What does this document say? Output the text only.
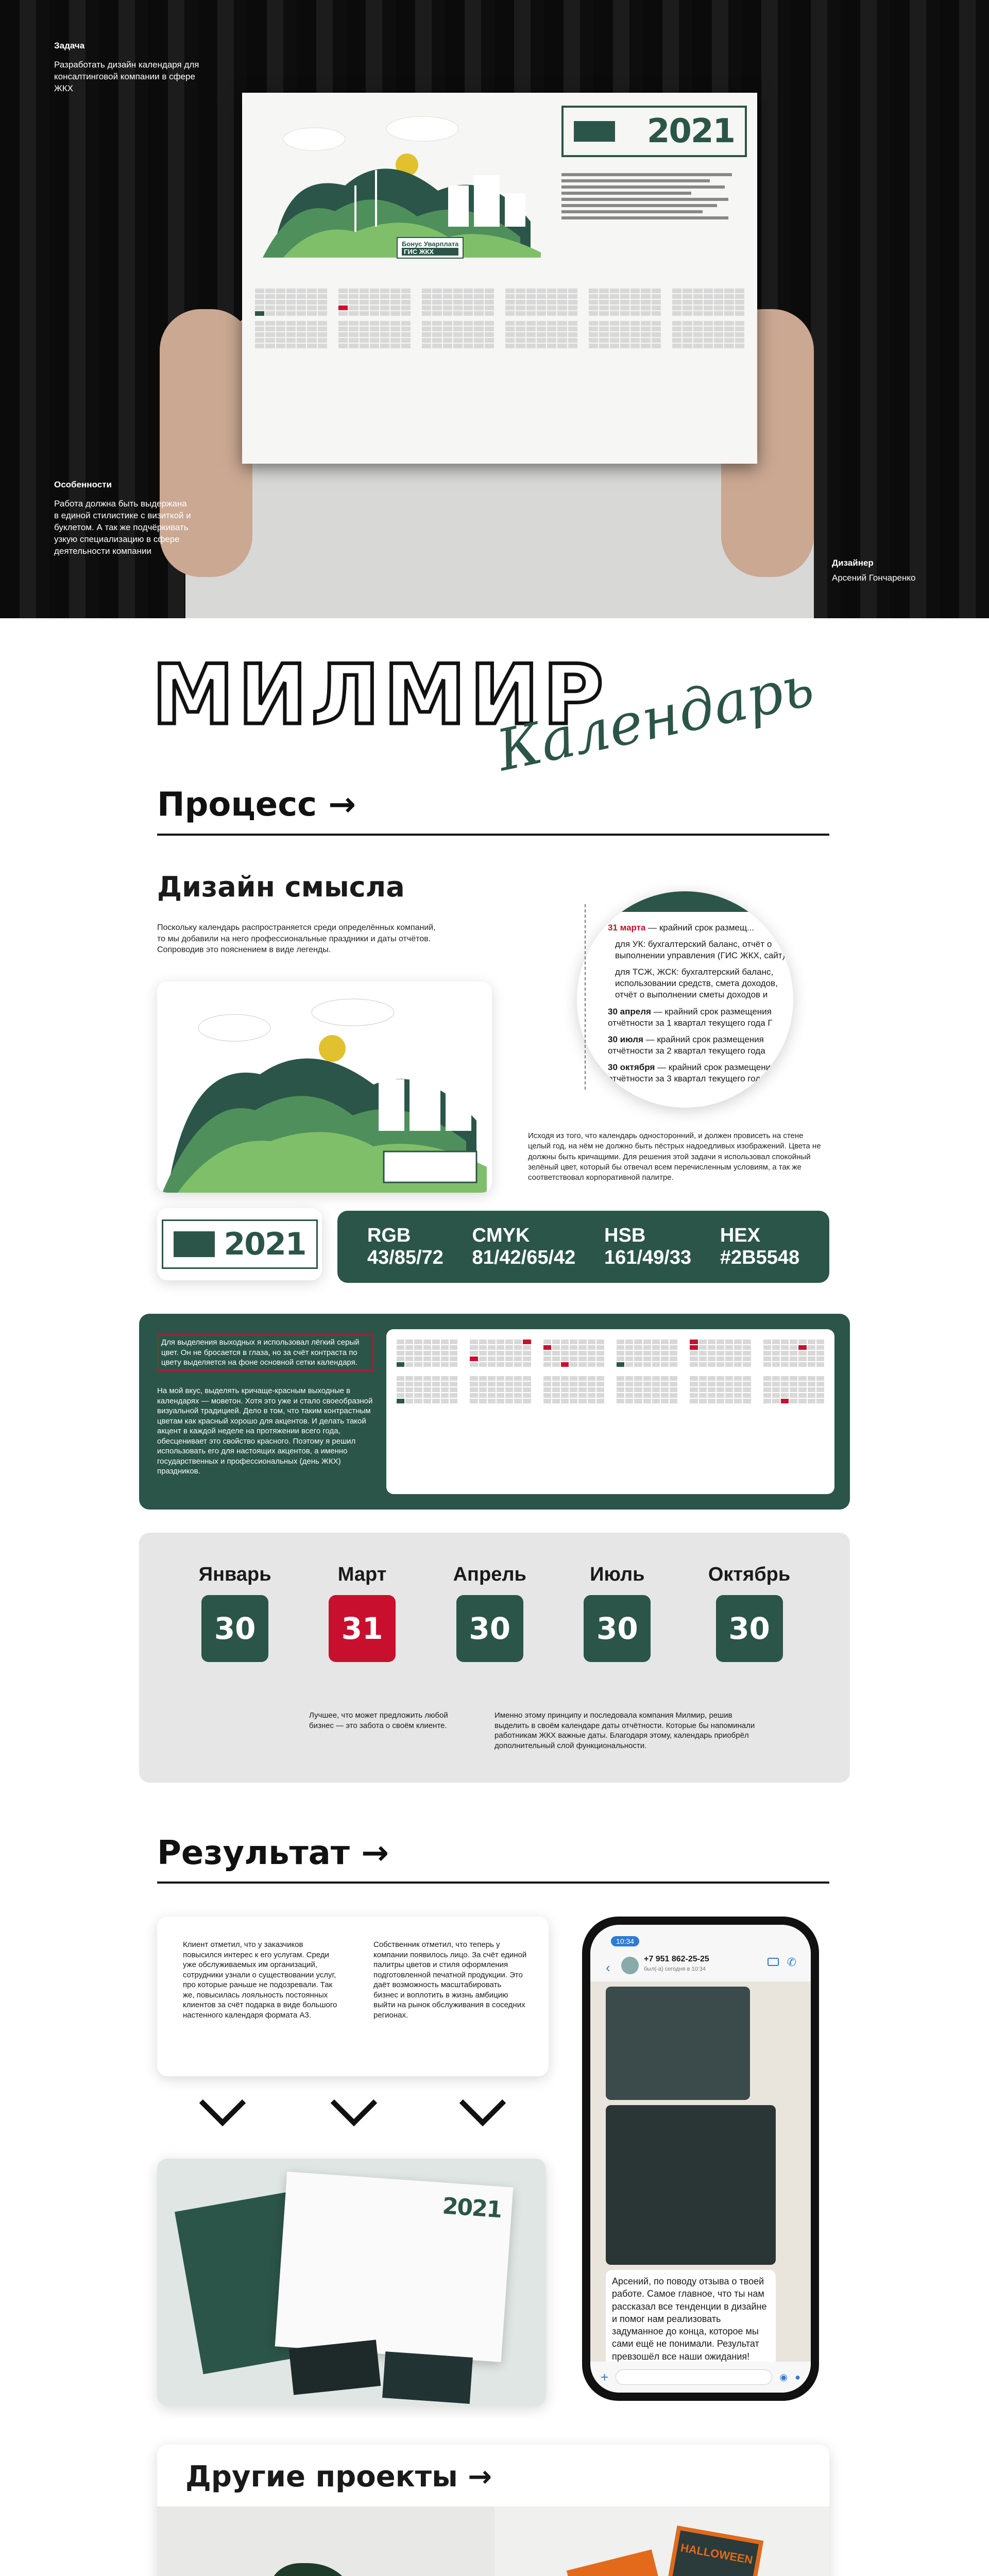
Бонус Уварплата
ГИС ЖКХ
2021
Задача
Разработать дизайн календаря для консалтинговой компании в сфере ЖКХ
Особенности
Работа должна быть выдержана в единой стилистике с визиткой и буклетом. А так же подчёркивать узкую специализацию в сфере деятельности компании
Дизайнер
Арсений Гончаренко
МИЛМИР
Календарь
Процесс →
Дизайн смысла
Поскольку календарь распространяется среди определённых компаний, то мы добавили на него профессиональные праздники и даты отчётов. Сопроводив это пояснением в виде легенды.
31 марта — крайний срок размещ...
для УК: бухгалтерский баланс, отчёт о выполнении управления (ГИС ЖКХ, сайт).
для ТСЖ, ЖСК: бухгалтерский баланс, использовании средств, смета доходов, отчёт о выполнении сметы доходов и
30 апреля — крайний срок размещения отчётности за 1 квартал текущего года Г
30 июля — крайний срок размещения отчётности за 2 квартал текущего года
30 октября — крайний срок размещения отчётности за 3 квартал текущего года
Исходя из того, что календарь односторонний, и должен провисеть на стене целый год, на нём не должно быть пёстрых надоедливых изображений. Цвета не должны быть кричащими. Для решения этой задачи я использовал спокойный зелёный цвет, который бы отвечал всем перечисленным условиям, а так же соответствовал корпоративной палитре.
2021	RGB
43/85/72
CMYK
81/42/65/42
HSB
161/49/33
HEX
#2B5548
Для выделения выходных я использовал лёгкий серый цвет. Он не бросается в глаза, но за счёт контраста по цвету выделяется на фоне основной сетки календаря.
На мой вкус, выделять кричаще-красным выходные в календарях — моветон. Хотя это уже и стало своеобразной визуальной традицией. Дело в том, что таким контрастным цветам как красный хорошо для акцентов. И делать такой акцент в каждой неделе на протяжении всего года, обесценивает это свойство красного. Поэтому я решил использовать его для настоящих акцентов, а именно государственных и профессиональных (день ЖКХ) праздников.
Январь
30
Март
31
Апрель
30
Июль
30
Октябрь
30
Лучшее, что может предложить любой бизнес — это забота о своём клиенте.
Именно этому принципу и последовала компания Милмир, решив выделить в своём календаре даты отчётности. Которые бы напоминали работникам ЖКХ важные даты. Благодаря этому, календарь приобрёл дополнительный слой функциональности.
Результат →
Клиент отметил, что у заказчиков повысился интерес к его услугам. Среди уже обслуживаемых им организаций, сотрудники узнали о существовании услуг, про которые раньше не подозревали. Так же, повысилась лояльность постоянных клиентов за счёт подарка в виде большого настенного календаря формата А3.
Собственник отметил, что теперь у компании появилось лицо. За счёт единой палитры цветов и стиля оформления подготовленной печатной продукции. Это даёт возможность масштабировать бизнес и воплотить в жизнь амбицию выйти на рынок обслуживания в соседних регионах.
2021
10:34
‹
+7 951 862-25-25
был(-а) сегодня в 10:34
✆
Арсений, по поводу отзыва о твоей работе. Самое главное, что ты нам рассказал все тенденции в дизайне и помог нам реализовать задуманное до конца, которое мы сами ещё не понимали. Результат превзошёл все наши ожидания!
+	◉ ●
Другие проекты →
HALLOWEEN
